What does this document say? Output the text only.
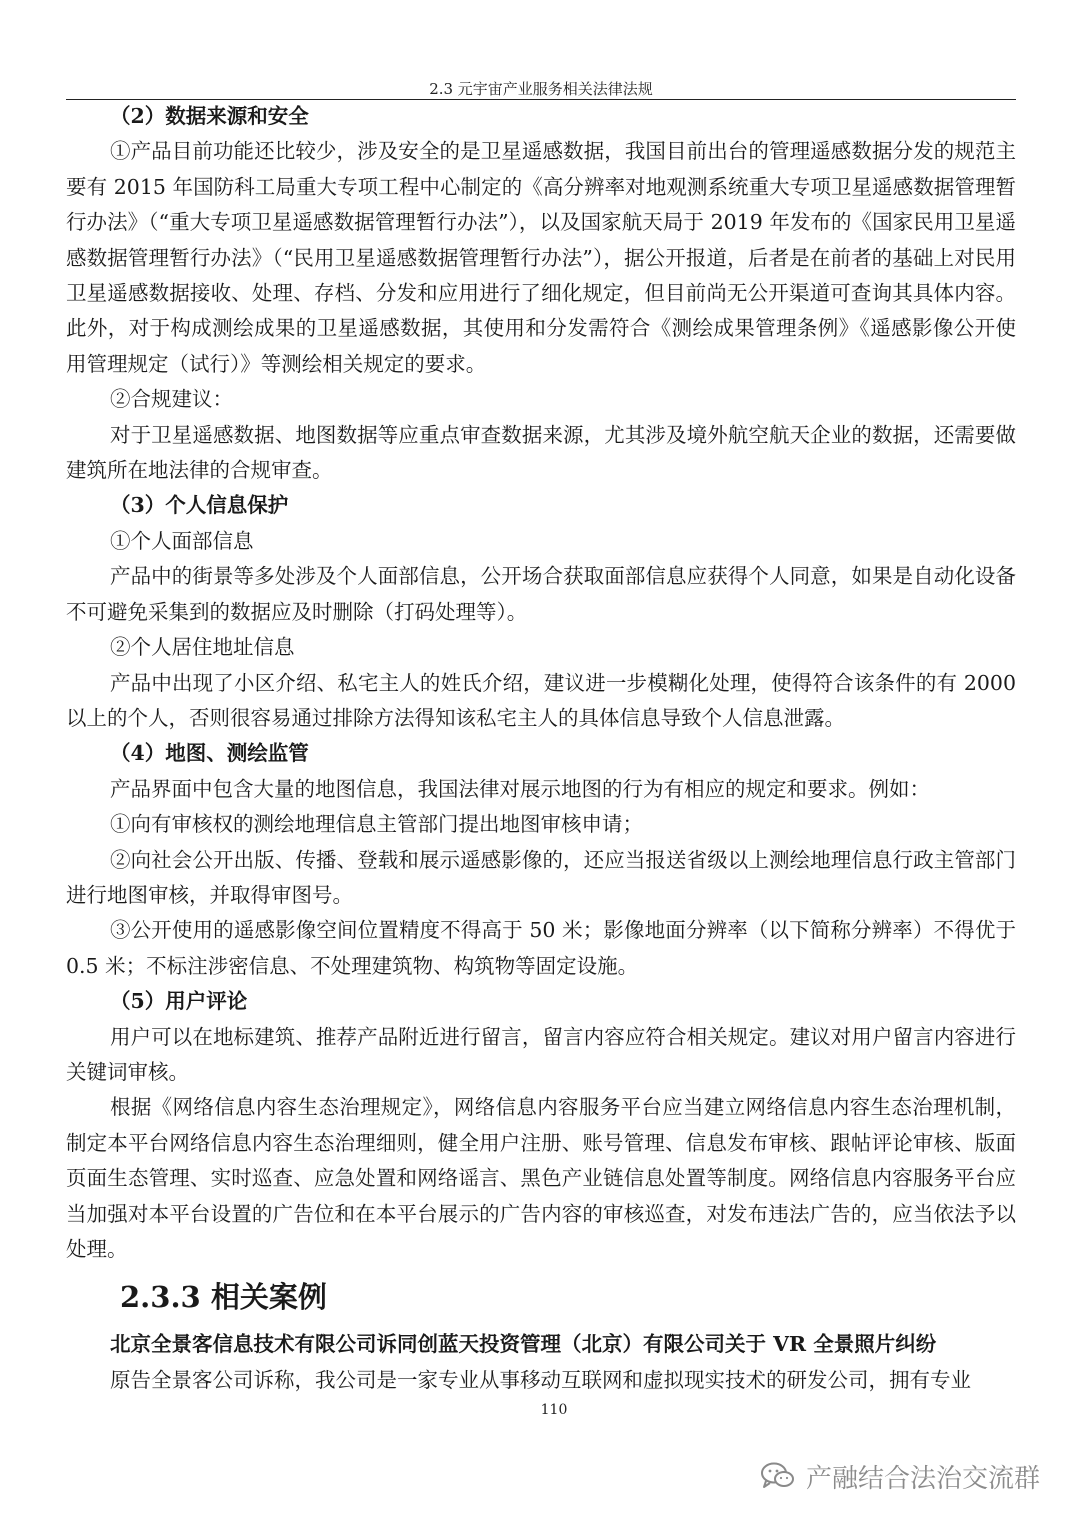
2.3 元宇宙产业服务相关法律法规

（2）数据来源和安全

①产品目前功能还比较少，涉及安全的是卫星遥感数据，我国目前出台的管理遥感数据分发的规范主要有 2015 年国防科工局重大专项工程中心制定的《高分辨率对地观测系统重大专项卫星遥感数据管理暂行办法》（“重大专项卫星遥感数据管理暂行办法”），以及国家航天局于 2019 年发布的《国家民用卫星遥感数据管理暂行办法》（“民用卫星遥感数据管理暂行办法”），据公开报道，后者是在前者的基础上对民用卫星遥感数据接收、处理、存档、分发和应用进行了细化规定，但目前尚无公开渠道可查询其具体内容。此外，对于构成测绘成果的卫星遥感数据，其使用和分发需符合《测绘成果管理条例》《遥感影像公开使用管理规定（试行）》等测绘相关规定的要求。

②合规建议：

对于卫星遥感数据、地图数据等应重点审查数据来源，尤其涉及境外航空航天企业的数据，还需要做建筑所在地法律的合规审查。

（3）个人信息保护

①个人面部信息

产品中的街景等多处涉及个人面部信息，公开场合获取面部信息应获得个人同意，如果是自动化设备不可避免采集到的数据应及时删除（打码处理等）。

②个人居住地址信息

产品中出现了小区介绍、私宅主人的姓氏介绍，建议进一步模糊化处理，使得符合该条件的有 2000 以上的个人，否则很容易通过排除方法得知该私宅主人的具体信息导致个人信息泄露。

（4）地图、测绘监管

产品界面中包含大量的地图信息，我国法律对展示地图的行为有相应的规定和要求。例如：

①向有审核权的测绘地理信息主管部门提出地图审核申请；

②向社会公开出版、传播、登载和展示遥感影像的，还应当报送省级以上测绘地理信息行政主管部门进行地图审核，并取得审图号。

③公开使用的遥感影像空间位置精度不得高于 50 米；影像地面分辨率（以下简称分辨率）不得优于 0.5 米；不标注涉密信息、不处理建筑物、构筑物等固定设施。

（5）用户评论

用户可以在地标建筑、推荐产品附近进行留言，留言内容应符合相关规定。建议对用户留言内容进行关键词审核。

根据《网络信息内容生态治理规定》，网络信息内容服务平台应当建立网络信息内容生态治理机制，制定本平台网络信息内容生态治理细则，健全用户注册、账号管理、信息发布审核、跟帖评论审核、版面页面生态管理、实时巡查、应急处置和网络谣言、黑色产业链信息处置等制度。网络信息内容服务平台应当加强对本平台设置的广告位和在本平台展示的广告内容的审核巡查，对发布违法广告的，应当依法予以处理。

2.3.3 相关案例

北京全景客信息技术有限公司诉同创蓝天投资管理（北京）有限公司关于 VR 全景照片纠纷

原告全景客公司诉称，我公司是一家专业从事移动互联网和虚拟现实技术的研发公司，拥有专业

110
产融结合法治交流群
